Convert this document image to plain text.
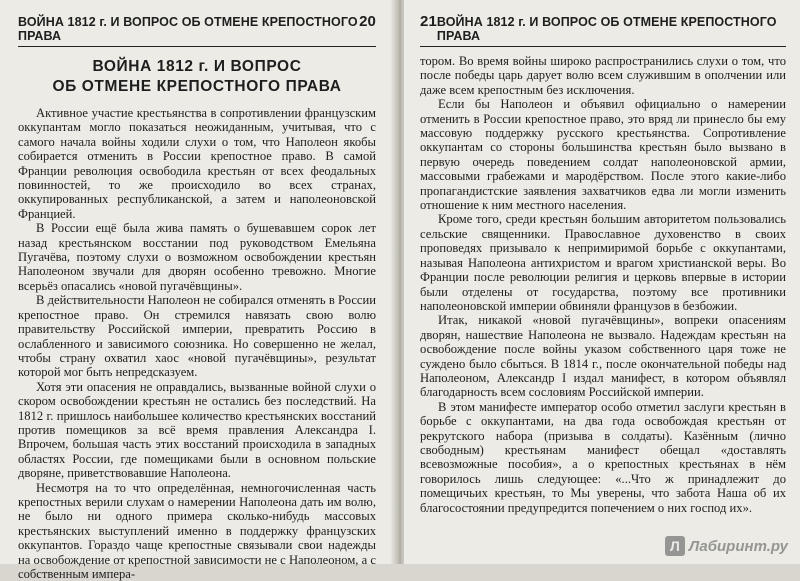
ВОЙНА 1812 г. И ВОПРОС ОБ ОТМЕНЕ КРЕПОСТНОГО ПРАВА
20
ВОЙНА 1812 г. И ВОПРОС
ОБ ОТМЕНЕ КРЕПОСТНОГО ПРАВА

Активное участие крестьянства в сопротивлении французским оккупантам могло показаться неожиданным, учитывая, что с самого начала войны ходили слухи о том, что Наполеон якобы собирается отменить в России крепостное право. В самой Франции революция освободила крестьян от всех феодальных повинностей, то же происходило во всех странах, оккупированных республиканской, а затем и наполеоновской Францией.

В России ещё была жива память о бушевавшем сорок лет назад крестьянском восстании под руководством Емельяна Пугачёва, поэтому слухи о возможном освобождении крестьян Наполеоном звучали для дворян особенно тревожно. Многие всерьёз опасались «новой пугачёвщины».

В действительности Наполеон не собирался отменять в России крепостное право. Он стремился навязать свою волю правительству Российской империи, превратить Россию в ослабленного и зависимого союзника. Но совершенно не желал, чтобы страну охватил хаос «новой пугачёвщины», результат которой мог быть непредсказуем.

Хотя эти опасения не оправдались, вызванные войной слухи о скором освобождении крестьян не остались без последствий. На 1812 г. пришлось наибольшее количество крестьянских восстаний против помещиков за всё время правления Александра I. Впрочем, большая часть этих восстаний происходила в западных областях России, где помещиками были в основном польские дворяне, приветствовавшие Наполеона.

Несмотря на то что определённая, немногочисленная часть крепостных верили слухам о намерении Наполеона дать им волю, не было ни одного примера сколько-нибудь массовых крестьянских выступлений именно в поддержку французских оккупантов. Гораздо чаще крепостные связывали свои надежды на освобождение от крепостной зависимости не с Наполеоном, а с собственным импера-

21 ВОЙНА 1812 г. И ВОПРОС ОБ ОТМЕНЕ КРЕПОСТНОГО ПРАВА

тором. Во время войны широко распространились слухи о том, что после победы царь дарует волю всем служившим в ополчении или даже всем крепостным без исключения.

Если бы Наполеон и объявил официально о намерении отменить в России крепостное право, это вряд ли принесло бы ему массовую поддержку русского крестьянства. Сопротивление оккупантам со стороны большинства крестьян было вызвано в первую очередь поведением солдат наполеоновской армии, массовыми грабежами и мародёрством. После этого какие-либо пропагандистские заявления захватчиков едва ли могли изменить отношение к ним местного населения.

Кроме того, среди крестьян большим авторитетом пользовались сельские священники. Православное духовенство в своих проповедях призывало к непримиримой борьбе с оккупантами, называя Наполеона антихристом и врагом христианской веры. Во Франции после революции религия и церковь впервые в истории были отделены от государства, поэтому все противники наполеоновской империи обвиняли французов в безбожии.

Итак, никакой «новой пугачёвщины», вопреки опасениям дворян, нашествие Наполеона не вызвало. Надеждам крестьян на освобождение после войны указом собственного царя тоже не суждено было сбыться. В 1814 г., после окончательной победы над Наполеоном, Александр I издал манифест, в котором объявлял благодарность всем сословиям Российской империи.

В этом манифесте император особо отметил заслуги крестьян в борьбе с оккупантами, на два года освобождая крестьян от рекрутского набора (призыва в солдаты). Казённым (лично свободным) крестьянам манифест обещал «доставлять всевозможные пособия», а о крепостных крестьянах в нём говорилось лишь следующее: «...Что ж принадлежит до помещичьих крестьян, то Мы уверены, что забота Наша об их благосостоянии предупредится попечением о них господ их».

Л Лабиринт.ру
